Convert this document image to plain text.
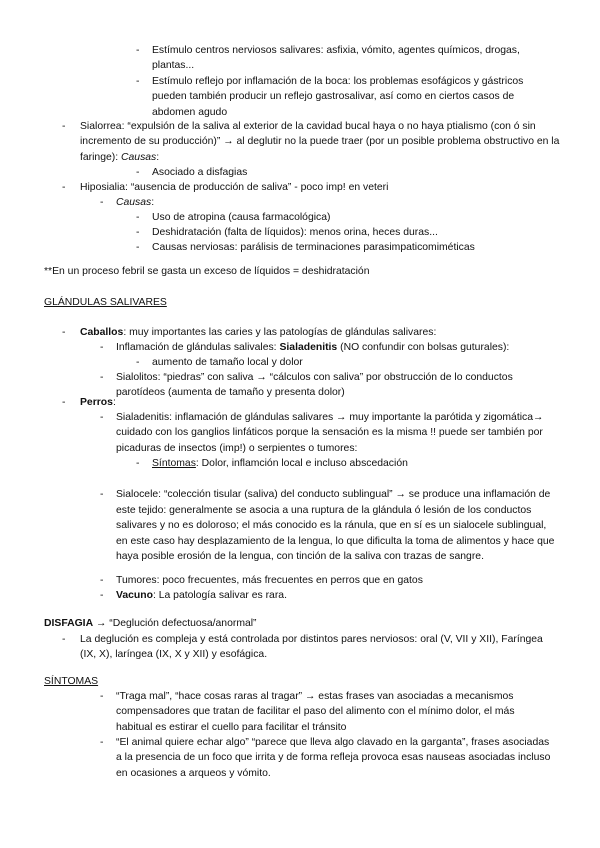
- Estímulo centros nerviosos salivares: asfixia, vómito, agentes químicos, drogas, plantas...
- Estímulo reflejo por inflamación de la boca: los problemas esofágicos y gástricos pueden también producir un reflejo gastrosalivar, así como en ciertos casos de abdomen agudo
- Sialorrea: “expulsión de la saliva al exterior de la cavidad bucal haya o no haya ptialismo (con ó sin incremento de su producción)” → al deglutir no la puede traer (por un posible problema obstructivo en la faringe): Causas:
- Asociado a disfagias
- Hiposialia: “ausencia de producción de saliva” - poco imp! en veteri
- Causas:
- Uso de atropina (causa farmacológica)
- Deshidratación (falta de líquidos): menos orina, heces duras...
- Causas nerviosas: parálisis de terminaciones parasimpaticomiméticas
**En un proceso febril se gasta un exceso de líquidos = deshidratación
GLÁNDULAS SALIVARES
- Caballos: muy importantes las caries y las patologías de glándulas salivares:
- Inflamación de glándulas salivales: Sialadenitis (NO confundir con bolsas guturales):
- aumento de tamaño local y dolor
- Sialolitos: “piedras” con saliva → “cálculos con saliva” por obstrucción de lo conductos parotídeos (aumenta de tamaño y presenta dolor)
- Perros:
- Sialadenitis: inflamación de glándulas salivares → muy importante la parótida y zigomática→ cuidado con los ganglios linfáticos porque la sensación es la misma !! puede ser también por picaduras de insectos (imp!) o serpientes o tumores:
- Síntomas: Dolor, inflamción local e incluso abscedación
- Sialocele: “colección tisular (saliva) del conducto sublingual” → se produce una inflamación de este tejido: generalmente se asocia a una ruptura de la glándula ó lesión de los conductos salivares y no es doloroso; el más conocido es la ránula, que en sí es un sialocele sublingual, en este caso hay desplazamiento de la lengua, lo que dificulta la toma de alimentos y hace que haya posible erosión de la lengua, con tinción de la saliva con trazas de sangre.
- Tumores: poco frecuentes, más frecuentes en perros que en gatos
- Vacuno: La patología salivar es rara.
DISFAGIA → “Deglución defectuosa/anormal”
- La deglución es compleja y está controlada por distintos pares nerviosos: oral (V, VII y XII), Faríngea (IX, X), laríngea (IX, X y XII) y esofágica.
SÍNTOMAS
- “Traga mal”, “hace cosas raras al tragar” → estas frases van asociadas a mecanismos compensadores que tratan de facilitar el paso del alimento con el mínimo dolor, el más habitual es estirar el cuello para facilitar el tránsito
- “El animal quiere echar algo” “parece que lleva algo clavado en la garganta”, frases asociadas a la presencia de un foco que irrita y de forma refleja provoca esas nauseas asociadas incluso en ocasiones a arqueos y vómito.
